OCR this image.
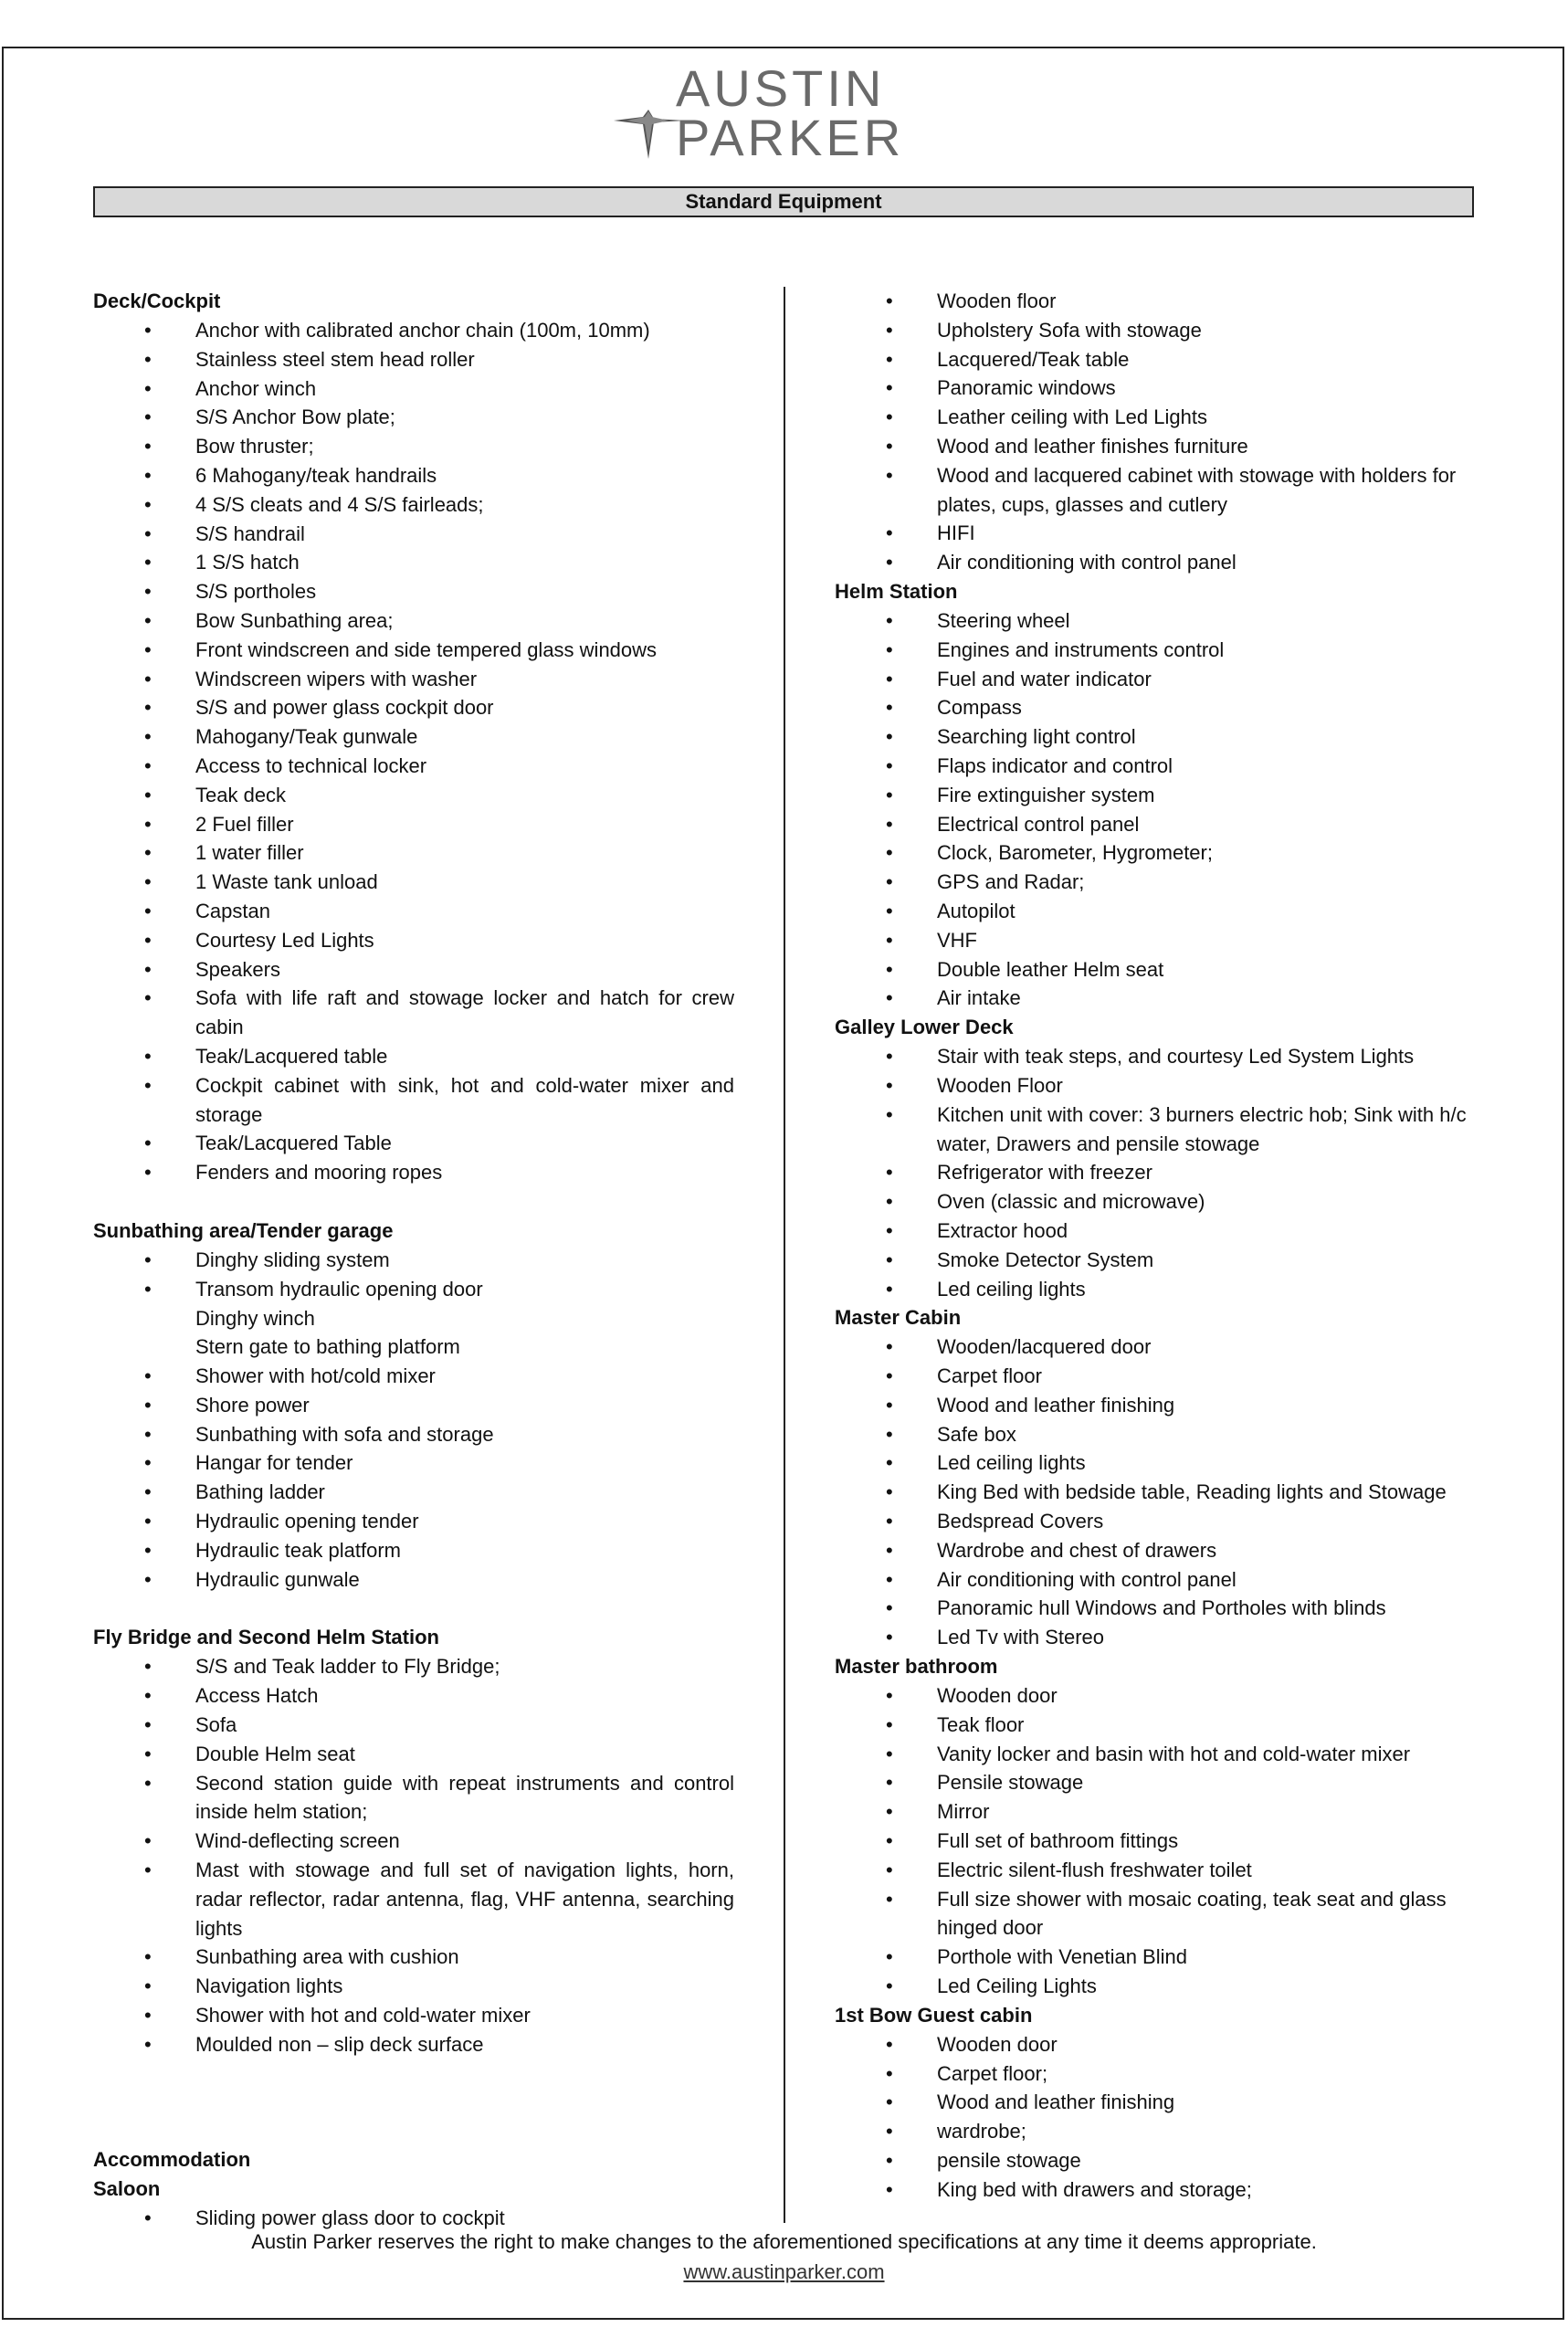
AUSTIN
PARKER
Standard Equipment
Deck/Cockpit
• Anchor with calibrated anchor chain (100m, 10mm)
• Stainless steel stem head roller
• Anchor winch
• S/S Anchor Bow plate;
• Bow thruster;
• 6 Mahogany/teak handrails
• 4 S/S cleats and 4 S/S fairleads;
• S/S handrail
• 1 S/S hatch
• S/S portholes
• Bow Sunbathing area;
• Front windscreen and side tempered glass windows
• Windscreen wipers with washer
• S/S and power glass cockpit door
• Mahogany/Teak gunwale
• Access to technical locker
• Teak deck
• 2 Fuel filler
• 1 water filler
• 1 Waste tank unload
• Capstan
• Courtesy Led Lights
• Speakers
• Sofa with life raft and stowage locker and hatch for crew cabin
• Teak/Lacquered table
• Cockpit cabinet with sink, hot and cold-water mixer and storage
• Teak/Lacquered Table
• Fenders and mooring ropes
Sunbathing area/Tender garage
• Dinghy sliding system
• Transom hydraulic opening door
Dinghy winch
Stern gate to bathing platform
• Shower with hot/cold mixer
• Shore power
• Sunbathing with sofa and storage
• Hangar for tender
• Bathing ladder
• Hydraulic opening tender
• Hydraulic teak platform
• Hydraulic gunwale
Fly Bridge and Second Helm Station
• S/S and Teak ladder to Fly Bridge;
• Access Hatch
• Sofa
• Double Helm seat
• Second station guide with repeat instruments and control inside helm station;
• Wind-deflecting screen
• Mast with stowage and full set of navigation lights, horn, radar reflector, radar antenna, flag, VHF antenna, searching lights
• Sunbathing area with cushion
• Navigation lights
• Shower with hot and cold-water mixer
• Moulded non – slip deck surface
Accommodation
Saloon
• Sliding power glass door to cockpit
• Wooden floor
• Upholstery Sofa with stowage
• Lacquered/Teak table
• Panoramic windows
• Leather ceiling with Led Lights
• Wood and leather finishes furniture
• Wood and lacquered cabinet with stowage with holders for plates, cups, glasses and cutlery
• HIFI
• Air conditioning with control panel
Helm Station
• Steering wheel
• Engines and instruments control
• Fuel and water indicator
• Compass
• Searching light control
• Flaps indicator and control
• Fire extinguisher system
• Electrical control panel
• Clock, Barometer, Hygrometer;
• GPS and Radar;
• Autopilot
• VHF
• Double leather Helm seat
• Air intake
Galley Lower Deck
• Stair with teak steps, and courtesy Led System Lights
• Wooden Floor
• Kitchen unit with cover: 3 burners electric hob; Sink with h/c water, Drawers and pensile stowage
• Refrigerator with freezer
• Oven (classic and microwave)
• Extractor hood
• Smoke Detector System
• Led ceiling lights
Master Cabin
• Wooden/lacquered door
• Carpet floor
• Wood and leather finishing
• Safe box
• Led ceiling lights
• King Bed with bedside table, Reading lights and Stowage
• Bedspread Covers
• Wardrobe and chest of drawers
• Air conditioning with control panel
• Panoramic hull Windows and Portholes with blinds
• Led Tv with Stereo
Master bathroom
• Wooden door
• Teak floor
• Vanity locker and basin with hot and cold-water mixer
• Pensile stowage
• Mirror
• Full set of bathroom fittings
• Electric silent-flush freshwater toilet
• Full size shower with mosaic coating, teak seat and glass hinged door
• Porthole with Venetian Blind
• Led Ceiling Lights
1st Bow Guest cabin
• Wooden door
• Carpet floor;
• Wood and leather finishing
• wardrobe;
• pensile stowage
• King bed with drawers and storage;
Austin Parker reserves the right to make changes to the aforementioned specifications at any time it deems appropriate.
www.austinparker.com
